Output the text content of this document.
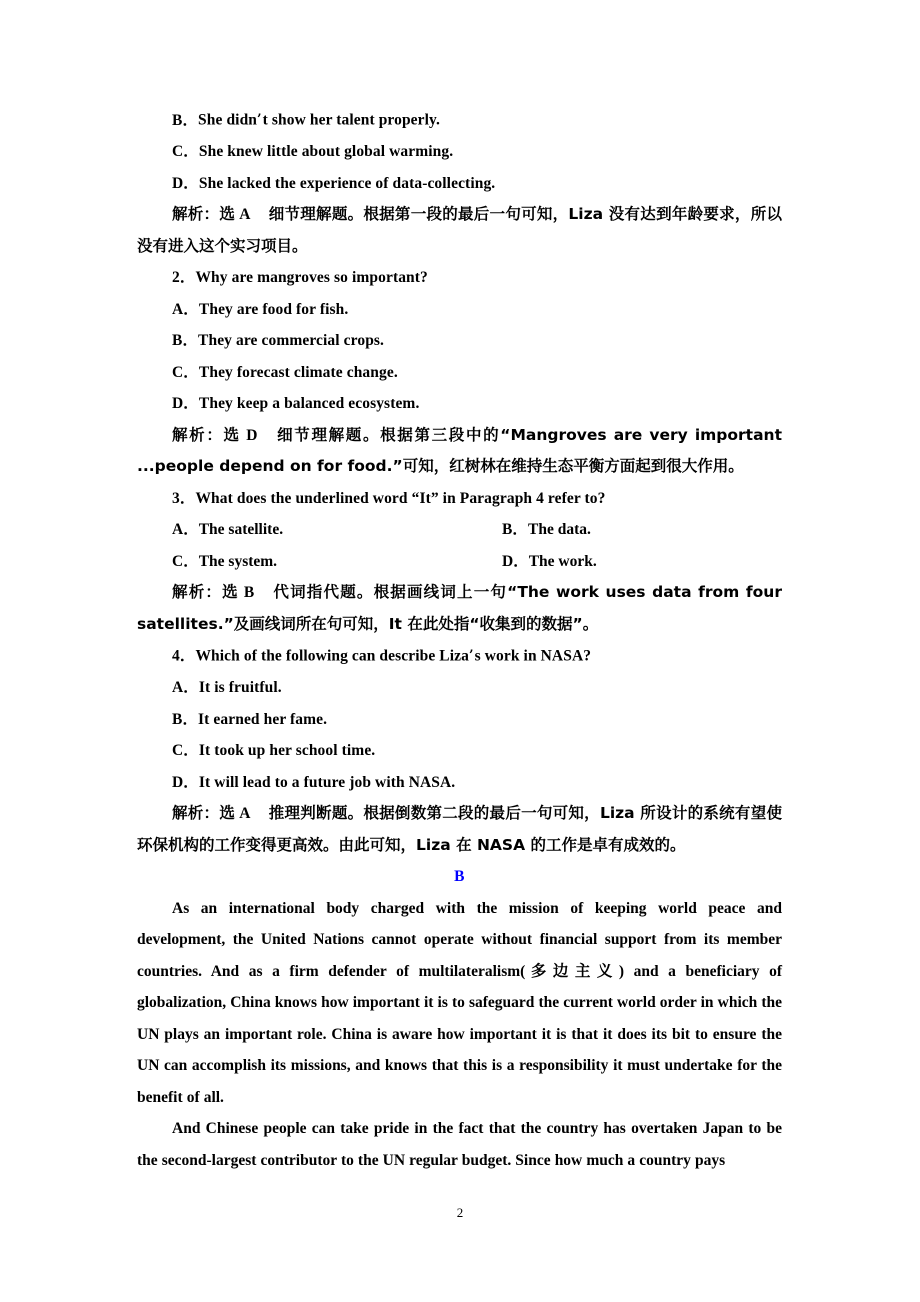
B．She didn’t show her talent properly.
C．She knew little about global warming.
D．She lacked the experience of data-collecting.
解析：选 A 细节理解题。根据第一段的最后一句可知，Liza 没有达到年龄要求，所以没有进入这个实习项目。
2．Why are mangroves so important?
A．They are food for fish.
B．They are commercial crops.
C．They forecast climate change.
D．They keep a balanced ecosystem.
解析：选 D 细节理解题。根据第三段中的“Mangroves are very important ...people depend on for food.”可知，红树林在维持生态平衡方面起到很大作用。
3．What does the underlined word “It” in Paragraph 4 refer to?
A．The satellite.	B．The data.
C．The system.	D．The work.
解析：选 B 代词指代题。根据画线词上一句“The work uses data from four satellites.”及画线词所在句可知，It 在此处指“收集到的数据”。
4．Which of the following can describe Liza’s work in NASA?
A．It is fruitful.
B．It earned her fame.
C．It took up her school time.
D．It will lead to a future job with NASA.
解析：选 A 推理判断题。根据倒数第二段的最后一句可知，Liza 所设计的系统有望使环保机构的工作变得更高效。由此可知，Liza 在 NASA 的工作是卓有成效的。
B
As an international body charged with the mission of keeping world peace and development, the United Nations cannot operate without financial support from its member countries. And as a firm defender of multilateralism(多边主义) and a beneficiary of globalization, China knows how important it is to safeguard the current world order in which the UN plays an important role. China is aware how important it is that it does its bit to ensure the UN can accomplish its missions, and knows that this is a responsibility it must undertake for the benefit of all.
And Chinese people can take pride in the fact that the country has overtaken Japan to be the second-largest contributor to the UN regular budget. Since how much a country pays
2
